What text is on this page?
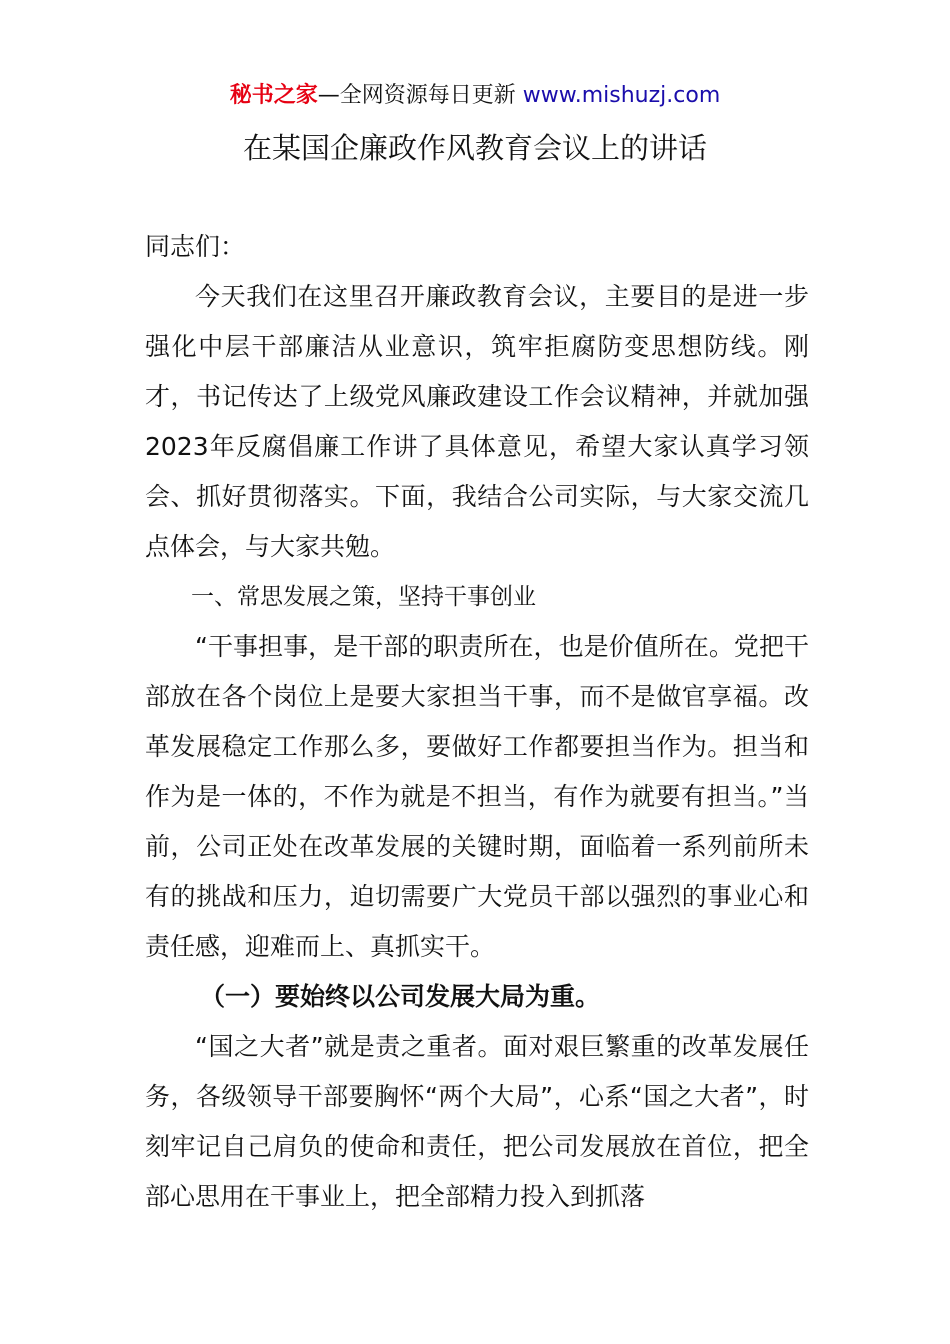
秘书之家—全网资源每日更新 www.mishuzj.com
在某国企廉政作风教育会议上的讲话

同志们：

今天我们在这里召开廉政教育会议，主要目的是进一步强化中层干部廉洁从业意识，筑牢拒腐防变思想防线。刚才，书记传达了上级党风廉政建设工作会议精神，并就加强2023年反腐倡廉工作讲了具体意见，希望大家认真学习领会、抓好贯彻落实。下面，我结合公司实际，与大家交流几点体会，与大家共勉。

一、常思发展之策，坚持干事创业

“干事担事，是干部的职责所在，也是价值所在。党把干部放在各个岗位上是要大家担当干事，而不是做官享福。改革发展稳定工作那么多，要做好工作都要担当作为。担当和作为是一体的，不作为就是不担当，有作为就要有担当。”当前，公司正处在改革发展的关键时期，面临着一系列前所未有的挑战和压力，迫切需要广大党员干部以强烈的事业心和责任感，迎难而上、真抓实干。

（一）要始终以公司发展大局为重。

“国之大者”就是责之重者。面对艰巨繁重的改革发展任务，各级领导干部要胸怀“两个大局”，心系“国之大者”，时刻牢记自己肩负的使命和责任，把公司发展放在首位，把全部心思用在干事业上，把全部精力投入到抓落
